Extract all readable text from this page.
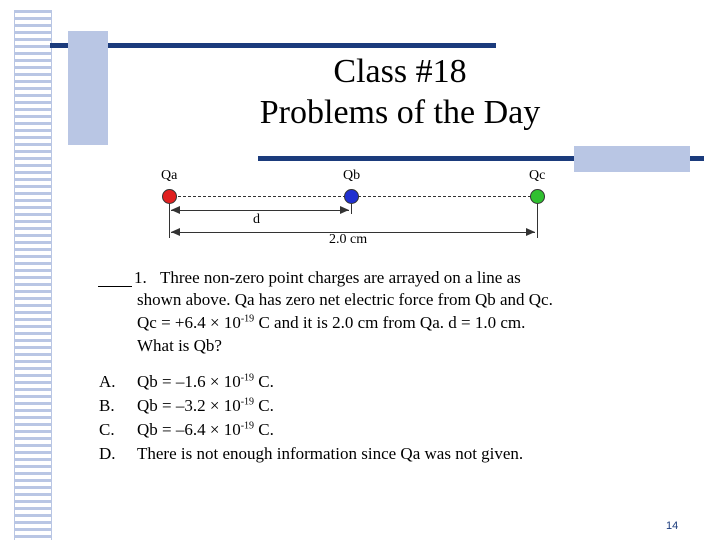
Class #18
Problems of the Day
Qa	Qb	Qc
d
2.0 cm
1. Three non-zero point charges are arrayed on a line as
shown above. Qa has zero net electric force from Qb and Qc.
$Qc = +6.4 \times 10^{-19}$ C and it is 2.0 cm from Qa. d = 1.0 cm.
What is Qb?
A. $Qb = -1.6 \times 10^{-19}$ C.
B. $Qb = -3.2 \times 10^{-19}$ C.
C. $Qb = -6.4 \times 10^{-19}$ C.
D. There is not enough information since Qa was not given.
14
